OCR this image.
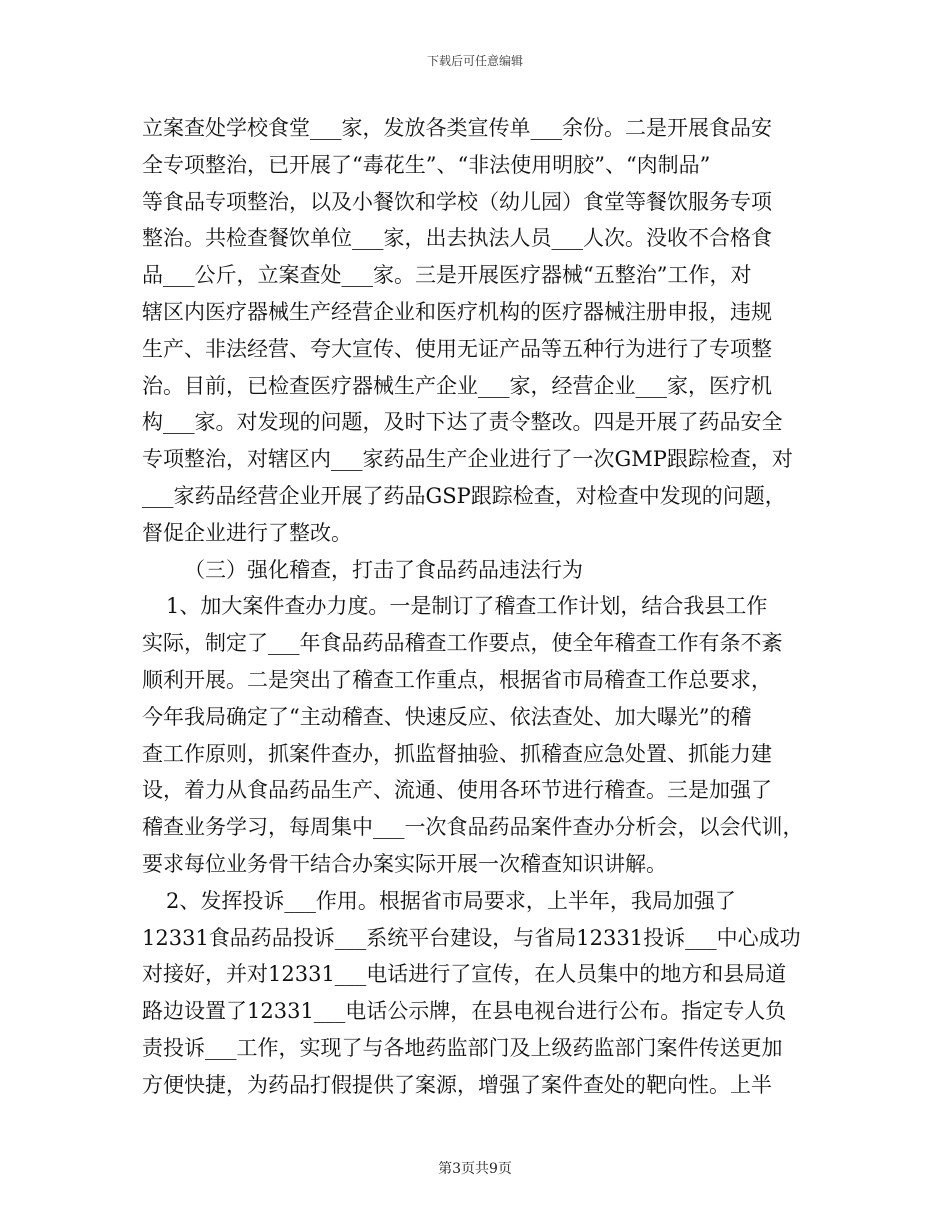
下载后可任意编辑
立案查处学校食堂___家，发放各类宣传单___余份。二是开展食品安
全专项整治，已开展了“毒花生”、“非法使用明胶”、“肉制品”
等食品专项整治，以及小餐饮和学校（幼儿园）食堂等餐饮服务专项
整治。共检查餐饮单位___家，出去执法人员___人次。没收不合格食
品___公斤，立案查处___家。三是开展医疗器械“五整治”工作，对
辖区内医疗器械生产经营企业和医疗机构的医疗器械注册申报，违规
生产、非法经营、夸大宣传、使用无证产品等五种行为进行了专项整
治。目前，已检查医疗器械生产企业___家，经营企业___家，医疗机
构___家。对发现的问题，及时下达了责令整改。四是开展了药品安全
专项整治，对辖区内___家药品生产企业进行了一次GMP跟踪检查，对
___家药品经营企业开展了药品GSP跟踪检查，对检查中发现的问题，
督促企业进行了整改。
（三）强化稽查，打击了食品药品违法行为
1、加大案件查办力度。一是制订了稽查工作计划，结合我县工作
实际，制定了___年食品药品稽查工作要点，使全年稽查工作有条不紊
顺利开展。二是突出了稽查工作重点，根据省市局稽查工作总要求，
今年我局确定了“主动稽查、快速反应、依法查处、加大曝光”的稽
查工作原则，抓案件查办，抓监督抽验、抓稽查应急处置、抓能力建
设，着力从食品药品生产、流通、使用各环节进行稽查。三是加强了
稽查业务学习，每周集中___一次食品药品案件查办分析会，以会代训，
要求每位业务骨干结合办案实际开展一次稽查知识讲解。
2、发挥投诉___作用。根据省市局要求，上半年，我局加强了
12331食品药品投诉___系统平台建设，与省局12331投诉___中心成功
对接好，并对12331___电话进行了宣传，在人员集中的地方和县局道
路边设置了12331___电话公示牌，在县电视台进行公布。指定专人负
责投诉___工作，实现了与各地药监部门及上级药监部门案件传送更加
方便快捷，为药品打假提供了案源，增强了案件查处的靶向性。上半
第3页共9页
